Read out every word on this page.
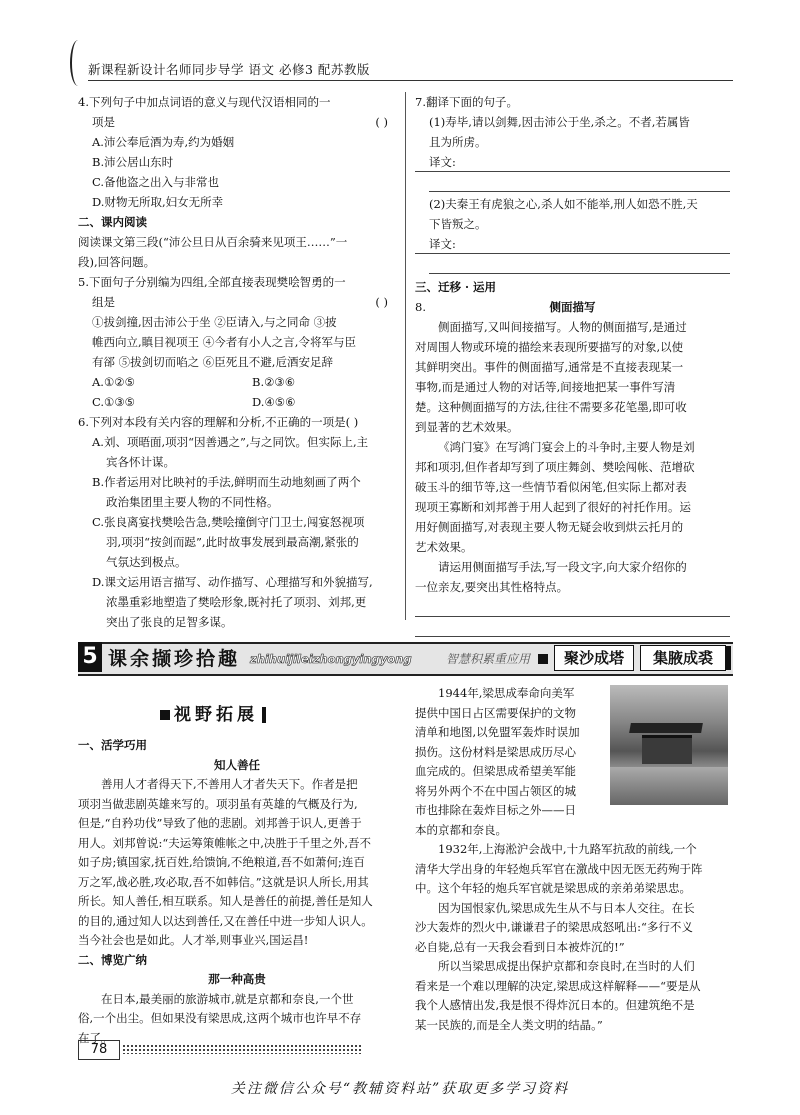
新课程新设计名师同步导学 语文 必修3 配苏教版

4.下列句子中加点词语的意义与现代汉语相同的一

项是	( )

A.沛公奉卮酒为寿,约为婚姻

B.沛公居山东时

C.备他盗之出入与非常也

D.财物无所取,妇女无所幸

二、课内阅读

阅读课文第三段(“沛公旦日从百余骑来见项王……”一

段),回答问题。

5.下面句子分别编为四组,全部直接表现樊哙智勇的一

组是	( )

①拔剑撞,因击沛公于坐 ②臣请入,与之同命 ③披

帷西向立,瞋目视项王 ④今者有小人之言,令将军与臣

有郤 ⑤拔剑切而啗之 ⑥臣死且不避,卮酒安足辞

A.①②⑤	B.②③⑥

C.①③⑤	D.④⑤⑥

6.下列对本段有关内容的理解和分析,不正确的一项是( )

A.刘、项晤面,项羽“因善遇之”,与之同饮。但实际上,主

宾各怀计谋。

B.作者运用对比映衬的手法,鲜明而生动地刻画了两个

政治集团里主要人物的不同性格。

C.张良离宴找樊哙告急,樊哙撞倒守门卫士,闯宴怒视项

羽,项羽“按剑而跽”,此时故事发展到最高潮,紧张的

气氛达到极点。

D.课文运用语言描写、动作描写、心理描写和外貌描写,

浓墨重彩地塑造了樊哙形象,既衬托了项羽、刘邦,更

突出了张良的足智多谋。

7.翻译下面的句子。

(1)寿毕,请以剑舞,因击沛公于坐,杀之。不者,若属皆

且为所虏。

译文:

(2)夫秦王有虎狼之心,杀人如不能举,刑人如恐不胜,天

下皆叛之。

译文:

三、迁移 · 运用

8.	侧面描写

侧面描写,又叫间接描写。人物的侧面描写,是通过

对周围人物或环境的描绘来表现所要描写的对象,以使

其鲜明突出。事件的侧面描写,通常是不直接表现某一

事物,而是通过人物的对话等,间接地把某一事件写清

楚。这种侧面描写的方法,往往不需要多花笔墨,即可收

到显著的艺术效果。

《鸿门宴》在写鸿门宴会上的斗争时,主要人物是刘

邦和项羽,但作者却写到了项庄舞剑、樊哙闯帐、范增砍

破玉斗的细节等,这一些情节看似闲笔,但实际上都对表

现项王寡断和刘邦善于用人起到了很好的衬托作用。运

用好侧面描写,对表现主要人物无疑会收到烘云托月的

艺术效果。

请运用侧面描写手法,写一段文字,向大家介绍你的

一位亲友,要突出其性格特点。

5 课余撷珍拾趣 zhihuijileizhongyingyong	智慧积累重应用	聚沙成塔	集腋成裘
视野拓展

一、活学巧用

知人善任

善用人才者得天下,不善用人才者失天下。作者是把

项羽当做悲剧英雄来写的。项羽虽有英雄的气概及行为,

但是,“自矜功伐”导致了他的悲剧。刘邦善于识人,更善于

用人。刘邦曾说:“夫运筹策帷帐之中,决胜于千里之外,吾不

如子房;镇国家,抚百姓,给馈饷,不绝粮道,吾不如萧何;连百

万之军,战必胜,攻必取,吾不如韩信。”这就是识人所长,用其

所长。知人善任,相互联系。知人是善任的前提,善任是知人

的目的,通过知人以达到善任,又在善任中进一步知人识人。

当今社会也是如此。人才举,则事业兴,国运昌!

二、博览广纳

那一种高贵

在日本,最美丽的旅游城市,就是京都和奈良,一个世

俗,一个出尘。但如果没有梁思成,这两个城市也许早不存

在了。

1944年,梁思成奉命向美军

提供中国日占区需要保护的文物

清单和地图,以免盟军轰炸时误加

损伤。这份材料是梁思成历尽心

血完成的。但梁思成希望美军能

将另外两个不在中国占领区的城

市也排除在轰炸目标之外——日

本的京都和奈良。

1932年,上海淞沪会战中,十九路军抗敌的前线,一个

清华大学出身的年轻炮兵军官在激战中因无医无药殉于阵

中。这个年轻的炮兵军官就是梁思成的亲弟弟梁思忠。

因为国恨家仇,梁思成先生从不与日本人交往。在长

沙大轰炸的烈火中,谦谦君子的梁思成怒吼出:“多行不义

必自毙,总有一天我会看到日本被炸沉的!”

所以当梁思成提出保护京都和奈良时,在当时的人们

看来是一个难以理解的决定,梁思成这样解释——“要是从

我个人感情出发,我是恨不得炸沉日本的。但建筑绝不是

某一民族的,而是全人类文明的结晶。”

78
关注微信公众号“教辅资料站”获取更多学习资料
